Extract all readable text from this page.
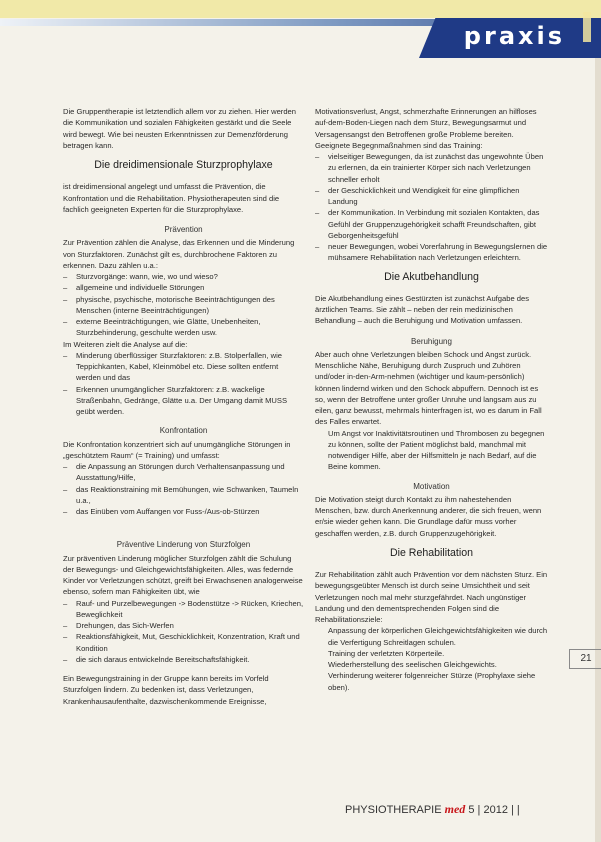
praxis

Die Gruppentherapie ist letztendlich allem vor zu ziehen. Hier werden die Kommunikation und sozialen Fähigkeiten gestärkt und die Seele wird bewegt. Wie bei neusten Erkenntnissen zur Demenzförderung betragen kann.

Die dreidimensionale Sturzprophylaxe

ist dreidimensional angelegt und umfasst die Prävention, die Konfrontation und die Rehabilitation. Physiotherapeuten sind die fachlich geeigneten Experten für die Sturzprophylaxe.

Prävention

Zur Prävention zählen die Analyse, das Erkennen und die Minderung von Sturzfaktoren. Zunächst gilt es, durchbrochene Faktoren zu erkennen. Dazu zählen u.a.:

– Sturzvorgänge: wann, wie, wo und wieso?
– allgemeine und individuelle Störungen
– physische, psychische, motorische Beeinträchtigungen des Menschen (interne Beeinträchtigungen)
– externe Beeinträchtigungen, wie Glätte, Unebenheiten, Sturzbehinderung, geschulte werden usw.

Im Weiteren zielt die Analyse auf die:

– Minderung überflüssiger Sturzfaktoren: z.B. Stolperfallen, wie Teppichkanten, Kabel, Kleinmöbel etc. Diese sollten entfernt werden und das
– Erkennen unumgänglicher Sturzfaktoren: z.B. wackelige Straßenbahn, Gedränge, Glätte u.a. Der Umgang damit MUSS geübt werden.
Konfrontation

Die Konfrontation konzentriert sich auf unumgängliche Störungen in „geschütztem Raum“ (= Training) und umfasst:

– die Anpassung an Störungen durch Verhaltensanpassung und Ausstattung/Hilfe,
– das Reaktionstraining mit Bemühungen, wie Schwanken, Taumeln u.a.,
– das Einüben vom Auffangen vor Fuss-/Aus-ob-Stürzen
Präventive Linderung von Sturzfolgen

Zur präventiven Linderung möglicher Sturzfolgen zählt die Schulung der Bewegungs- und Gleichgewichtsfähigkeiten. Alles, was federnde Kinder vor Verletzungen schützt, greift bei Erwachsenen analogerweise ebenso, sofern man Fähigkeiten übt, wie

– Rauf- und Purzelbewegungen -> Bodenstütze -> Rücken, Kriechen, Beweglichkeit
– Drehungen, das Sich-Werfen
– Reaktionsfähigkeit, Mut, Geschicklichkeit, Konzentration, Kraft und Kondition
– die sich daraus entwickelnde Bereitschaftsfähigkeit.

Ein Bewegungstraining in der Gruppe kann bereits im Vorfeld Sturzfolgen lindern. Zu bedenken ist, dass Verletzungen, Krankenhausaufenthalte, dazwischenkommende Ereignisse,

Motivationsverlust, Angst, schmerzhafte Erinnerungen an hilfloses auf-dem-Boden-Liegen nach dem Sturz, Bewegungsarmut und Versagensangst den Betroffenen große Probleme bereiten. Geeignete Begegnmaßnahmen sind das Training:

– vielseitiger Bewegungen, da ist zunächst das ungewohnte Üben zu erlernen, da ein trainierter Körper sich nach Verletzungen schneller erholt
– der Geschicklichkeit und Wendigkeit für eine glimpflichen Landung
– der Kommunikation. In Verbindung mit sozialen Kontakten, das Gefühl der Gruppenzugehörigkeit schafft Freundschaften, gibt Geborgenheitsgefühl
– neuer Bewegungen, wobei Vorerfahrung in Bewegungslernen die mühsamere Rehabilitation nach Verletzungen erleichtern.
Die Akutbehandlung

Die Akutbehandlung eines Gestürzten ist zunächst Aufgabe des ärztlichen Teams. Sie zählt – neben der rein medizinischen Behandlung – auch die Beruhigung und Motivation umfassen.

Beruhigung

Aber auch ohne Verletzungen bleiben Schock und Angst zurück. Menschliche Nähe, Beruhigung durch Zuspruch und Zuhören und/oder in-den-Arm-nehmen (wichtiger und kaum-persönlich) können lindernd wirken und den Schock abpuffern. Dennoch ist es so, wenn der Betroffene unter großer Unruhe und langsam aus zu eilen, ganz bewusst, mehrmals hinterfragen ist, wo es darum in Fall des Falles erwartet.

Um Angst vor Inaktivitätsroutinen und Thrombosen zu begegnen zu können, sollte der Patient möglichst bald, manchmal mit notwendiger Hilfe, aber der Hilfsmitteln je nach Bedarf, auf die Beine kommen.

Motivation

Die Motivation steigt durch Kontakt zu ihm nahestehenden Menschen, bzw. durch Anerkennung anderer, die sich freuen, wenn er/sie wieder gehen kann. Die Grundlage dafür muss vorher geschaffen werden, z.B. durch Gruppenzugehörigkeit.

Die Rehabilitation

Zur Rehabilitation zählt auch Prävention vor dem nächsten Sturz. Ein bewegungsgeübter Mensch ist durch seine Umsichtheit und seit Verletzungen noch mal mehr sturzgefährdet. Nach ungünstiger Landung und den dementsprechenden Folgen sind die Rehabilitationsziele:

Anpassung der körperlichen Gleichgewichtsfähigkeiten wie durch die Verfertigung Schreitlagen schulen.

Training der verletzten Körperteile.

Wiederherstellung des seelischen Gleichgewichts.

Verhinderung weiterer folgenreicher Stürze (Prophylaxe siehe oben).

21
PHYSIOTHERAPIE med 5 | 2012 | |
